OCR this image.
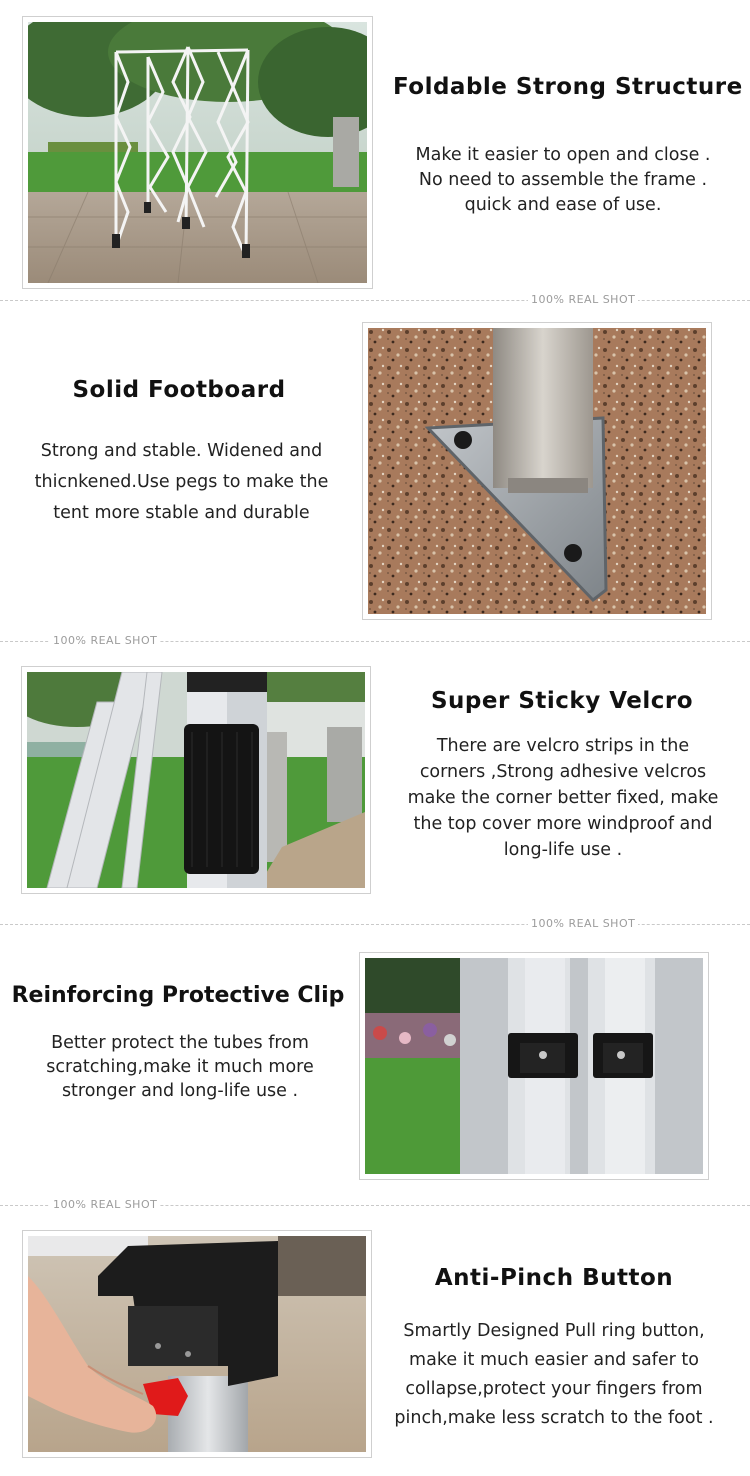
Foldable Strong Structure
Make it easier to open and close .
No need to assemble the frame .
quick and ease of use.
100% REAL SHOT
Solid Footboard
Strong and stable. Widened and
thicnkened.Use pegs to make the
tent more stable and durable
100% REAL SHOT
Super Sticky Velcro
There are velcro strips in the
corners ,Strong adhesive velcros
make the corner better fixed, make
the top cover more windproof and
long-life use .
100% REAL SHOT
Reinforcing Protective Clip
Better protect the tubes from
scratching,make it much more
stronger and long-life use .
100% REAL SHOT
Anti-Pinch Button
Smartly Designed Pull ring button,
make it much easier and safer to
collapse,protect your fingers from
pinch,make less scratch to the foot .
